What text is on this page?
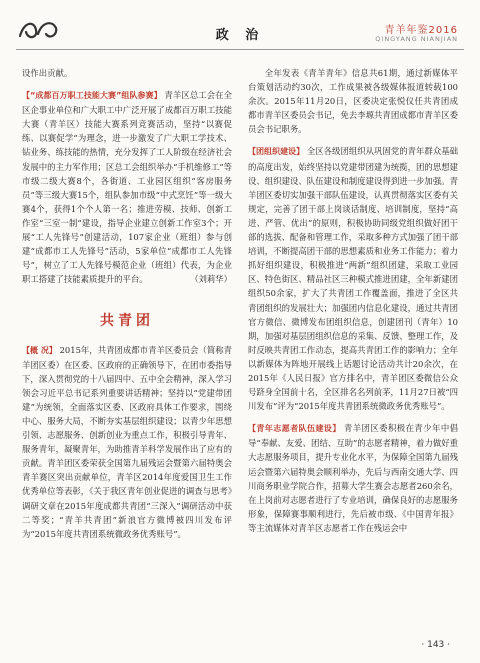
政 治	青羊年鉴2016
QINGYANG NIANJIAN

设作出贡献。

【“成都百万职工技能大赛”组队参赛】 青羊区总工会在全区企事业单位和广大职工中广泛开展了成都百万职工技能大赛（青羊区）技能大赛系列竞赛活动，坚持“以赛促练、以赛促学”为理念，进一步激发了广大职工学技术、钻业务、练技能的热情，充分发挥了工人阶级在经济社会发展中的主力军作用；区总工会组织举办“手机维修工”等市级二级大赛8个，各街道、工业园区组织“客房服务员”等三级大赛15个，组队参加市级“中式烹饪”等一级大赛4个，获得1个个人第一名；推进劳模、技师、创新工作室“三室一制”建设，指导企业建立创新工作室3个；开展“工人先锋号”创建活动，107家企业（班组）参与创建“成都市工人先锋号”活动，5家单位“成都市工人先锋号”，树立了工人先锋号模范企业（班组）代表，为企业职工搭建了技能素质提升的平台。	（刘莉华）

共青团

【概 况】 2015年，共青团成都市青羊区委员会（简称青羊团区委）在区委、区政府的正确领导下，在团市委指导下，深入贯彻党的十八届四中、五中全会精神，深入学习领会习近平总书记系列重要讲话精神；坚持以“党建带团建”为统领，全面落实区委、区政府具体工作要求，围绕中心、服务大局，不断夯实基层组织建设；以青少年思想引领、志愿服务、创新创业为重点工作，积极引导青年、服务青年，凝聚青年，为助推青羊科学发展作出了应有的贡献。青羊团区委荣获全国第九届残运会暨第六届特奥会青羊赛区突出贡献单位，青羊区2014年度爱国卫生工作优秀单位等表彰，《关于我区青年创业促进的调查与思考》调研文章在2015年度成都共青团“三深入”调研活动中获二等奖；“青羊共青团”新浪官方微博被四川发布评为“2015年度共青团系统微政务优秀账号”。

全年发表《青羊青年》信息共61期，通过新媒体平台策划活动约30次，工作成果被各级媒体报道转载100余次。2015年11月20日，区委决定张悦仪任共青团成都市青羊区委员会书记，免去李塬共青团成都市青羊区委员会书记职务。

【团组织建设】 全区各级团组织从巩固党的青年群众基础的高度出发，始终坚持以党建带团建为统揽，团的思想建设、组织建设、队伍建设和制度建设得到进一步加强。青羊团区委切实加强干部队伍建设，认真贯彻落实区委有关规定，完善了团干部上岗谈话制度、培训制度，坚持“高进、严管、优出”的原则，积极协助同级党组织做好团干部的选拔、配备和管理工作，采取多种方式加强了团干部培训，不断提高团干部的思想素质和业务工作能力；着力抓好组织建设，积极推进“两新”组织团建，采取工业园区、特色街区、精品社区三种模式推进团建，全年新建团组织50余家，扩大了共青团工作覆盖面，推进了全区共青团组织的发展壮大；加强团内信息化建设，通过共青团官方微信、微博发布团组织信息，创建团刊（青年）10期，加强对基层团组织信息的采集、反馈、整理工作，及时反映共青团工作动态，提高共青团工作的影响力；全年以新媒体为阵地开展线上话题讨论活动共计20余次，在2015年《人民日报》官方排名中，青羊团区委微信公众号跻身全国前十名，全区排名名列前茅，11月27日被“四川发布”评为“2015年度共青团系统微政务优秀账号”。

【青年志愿者队伍建设】 青羊团区委积极在青少年中倡导“奉献、友爱、团结、互助”的志愿者精神，着力做好重大志愿服务项目，提升专业化水平，为保障全国第九届残运会暨第六届特奥会顺利举办，先后与西南交通大学、四川商务职业学院合作，招募大学生赛会志愿者260余名，在上岗前对志愿者进行了专业培训，确保良好的志愿服务形象，保障赛事顺利进行，先后被市级、《中国青年报》等主流媒体对青羊区志愿者工作在残运会中

· 143 ·
